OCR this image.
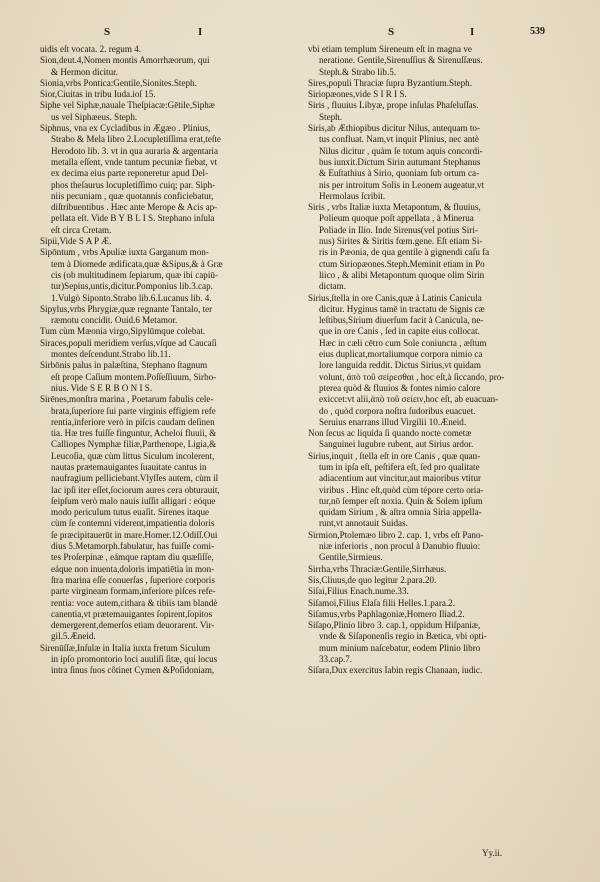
S	I	S	I	539
uidis eſt vocata. 2. regum 4.
Sion,deut.4,Nomen montis Amorrhæorum, qui
& Hermon dicitur.
Sionia,vrbs Pontica:Gentile,Sionites.Steph.
Sior,Ciuitas in tribu Iuda.ioſ 15.
Siphe vel Siphæ,nauale Theſpiacæ:Gētile,Siphæ
us vel Siphæeus. Steph.
Siphnus, vna ex Cycladibus in Ægæo . Plinius,
Strabo & Mela libro 2.Locupletiſſima erat,teſte
Herodoto lib. 3. vt in qua auraria & argentaria
metalla eſſent, vnde tantum pecuniæ fiebat, vt
ex decima eius parte reponeretur apud Del-
phos theſaurus locupletiſſimo cuiq; par. Siph-
niis pecuniam , quæ quotannis conficiebatur,
diſtribuentibus . Hæc ante Merope & Acis ap-
pellata eſt. Vide B Y B L I S. Stephano inſula
eſt circa Cretam.
Sipii,Vide S A P Æ.
Sipōntum , vrbs Apuliæ iuxta Garganum mon-
tem à Diomede ædificata,quæ &Sipus,& à Græ
cis (ob multitudinem ſepiarum, quæ ibi capiū-
tur)Sepius,untis,dicitur.Pomponius lib.3.cap.
1.Vulgò Siponto.Strabo lib.6.Lucanus lib. 4.
Sipylus,vrbs Phrygiæ,quæ regnante Tantalo, ter
ræmotu concidit. Ouid.6 Metamor.
Tum cùm Mæonia virgo,Sipylūmque colebat.
Siraces,populi meridiem verſus,vſque ad Caucaſi
montes deſcendunt.Strabo lib.11.
Sirbōnis palus in palæſtina, Stephano ſtagnum
eſt prope Caſium montem.Poſſeſſiuum, Sirbo-
nius. Vide S E R B O N I S.
Sirēnes,monſtra marina , Poetarum fabulis cele-
brata,ſuperiore ſui parte virginis effigiem refe
rentia,inferiore verò in piſcis caudam deſinen
tia. Hæ tres fuiſſe finguntur, Acheloi fluuii, &
Calliopes Nymphæ filiæ,Parthenope, Ligia,&
Leucoſia, quæ cùm littus Siculum incolerent,
nautas prætemauigantes ſuauitate cantus in
naufragium pelliciebant.Vlyſſes autem, cùm il
lac ipſi iter eſſet,ſociorum aures cera obturauit,
ſeipſum verò malo nauis iuſſit alligari : eóque
modo periculum tutus euaſit. Sirenes itaque
cùm ſe contemni viderent,impatientia doloris
ſe præcipitauerūt in mare.Homer.12.Odiſſ.Oui
dius 5.Metamorph.fabulatur, has fuiſſe comi-
tes Proſerpinæ , eámque raptam diu quæſiſſe,
eáque non inuenta,doloris impatiētia in mon-
ſtra marina eſſe conuerſas , ſuperiore corporis
parte virgineam formam,inferiore piſces refe-
rentia: voce autem,cithara & tibiis tam blandè
canentia,vt prætemauigantes ſopirent,ſopitos
demergerent,demerſos etiam deuorarent. Vir-
gil.5.Æneid.
Sirenūſſæ,Inſulæ in Italia iuxta fretum Siculum
in ipſo promontorio loci auuliſi ſitæ, qui locus
intra ſinus ſuos côtinet Cymen &Poſidoniam,
vbi etiam templum Sireneum eſt in magna ve
neratione. Gentile,Sirenuſſius & Sirenuſſæus.
Steph.& Strabo lib.5.
Sires,populi Thraciæ ſupra Byzantium.Steph.
Siriopæones,vide S I R I S.
Siris , fluuius Libyæ, prope inſulas Phaſeluſſas.
Steph.
Siris,ab Æthiopibus dicitur Nilus, antequam to-
tus confluat. Nam,vt inquit Plinius, nec antè
Nilus dicitur , quàm ſe totum aquis concordi-
bus iunxit.Dictum Sirin autumant Stephanus
& Euſtathius à Sirio, quoniam ſub ortum ca-
nis per introitum Solis in Leonem augeatur,vt
Hermolaus ſcribit.
Siris , vrbs Italiæ iuxta Metapontum, & fluuius,
Polieum quoque poſt appellata , à Minerua
Poliade in Ilio. Inde Sirenus(vel potius Siri-
nus) Sirites & Siritis fœm.gene. Eſt etiam Si-
ris in Pæonia, de qua gentile à gignendi caſu fa
ctum Siriopæones.Steph.Meminit etiam in Po
liico , & alibi Metapontum quoque olim Sirin
dictam.
Sirius,ſtella in ore Canis,quæ à Latinis Canicula
dicitur. Hyginus tamē in tractatu de Signis cæ
leſtibus,Sirium diuerſum facit à Canicula, ne-
que in ore Canis , ſed in capite eius collocat.
Hæc in cæli cētro cum Sole coniuncta , æſtum
eius duplicat,mortaliumque corpora nimio ca
lore languida reddit. Dictus Sirius,vt quidam
volunt, ἀπὸ τοῦ σείρεσθαι , hoc eſt,à ſiccando, pro-
pterea quòd & fluuios & fontes nimio calore
exiccet:vt alii,ἀπὸ τοῦ σείειν,hoc eſt, ab euacuan-
do , quòd corpora noſtra ſudoribus euacuet.
Seruius enarrans illud Virgilii 10.Æneid.
Non ſecus ac liquida ſi quando nocte cometæ
Sanguinei lugubre rubent, aut Sirius ardor.
Sirius,inquit , ſtella eſt in ore Canis , quæ quan-
tum in ipſa eſt, peſtifera eſt, ſed pro qualitate
adiacentium aut vincitur,aut maioribus vtitur
viribus . Hinc eſt,quòd cùm tépore certo oria-
tur,nō ſemper eſt noxia. Quin & Solem ipſum
quidam Sirium , & aſtra omnia Siria appella-
runt,vt annotauit Suidas.
Sirmion,Ptolemæo libro 2. cap. 1, vrbs eſt Pano-
niæ inferioris , non procul à Danubio fluuio:
Gentile,Sirmieus.
Sirrha,vrbs Thraciæ:Gentile,Sirrhæus.
Sis,Cliuus,de quo legitur 2.para.20.
Siſai,Filius Enach.nume.33.
Siſamoi,Filius Elaſa filii Helles.1.para.2.
Siſamus,vrbs Paphlagoniæ,Homero Iliad.2.
Siſapo,Plinio libro 3. cap.1, oppidum Hiſpaniæ,
vnde & Siſaponenſis regio in Bætica, vbi opti-
mum minium naſcebatur, eodem Plinio libro
33.cap.7.
Siſara,Dux exercitus Iabin regis Chanaan, iudic.
Yy.ii.
